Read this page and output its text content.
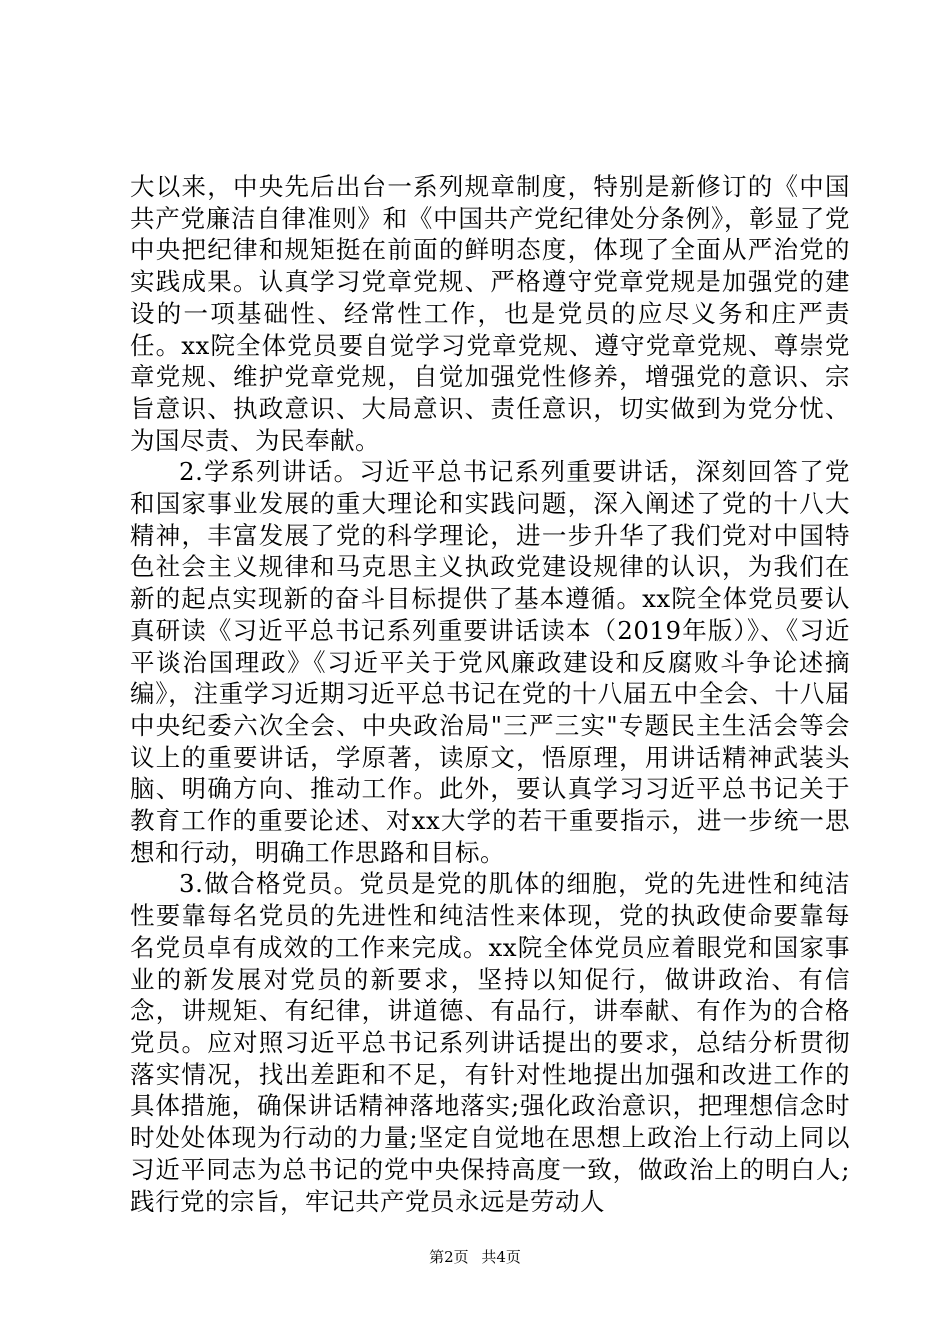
大以来，中央先后出台一系列规章制度，特别是新修订的《中国共产党廉洁自律准则》和《中国共产党纪律处分条例》，彰显了党中央把纪律和规矩挺在前面的鲜明态度，体现了全面从严治党的实践成果。认真学习党章党规、严格遵守党章党规是加强党的建设的一项基础性、经常性工作，也是党员的应尽义务和庄严责任。xx院全体党员要自觉学习党章党规、遵守党章党规、尊崇党章党规、维护党章党规，自觉加强党性修养，增强党的意识、宗旨意识、执政意识、大局意识、责任意识，切实做到为党分忧、为国尽责、为民奉献。

2.学系列讲话。习近平总书记系列重要讲话，深刻回答了党和国家事业发展的重大理论和实践问题，深入阐述了党的十八大精神，丰富发展了党的科学理论，进一步升华了我们党对中国特色社会主义规律和马克思主义执政党建设规律的认识，为我们在新的起点实现新的奋斗目标提供了基本遵循。xx院全体党员要认真研读《习近平总书记系列重要讲话读本（2019年版）》、《习近平谈治国理政》《习近平关于党风廉政建设和反腐败斗争论述摘编》，注重学习近期习近平总书记在党的十八届五中全会、十八届中央纪委六次全会、中央政治局"三严三实"专题民主生活会等会议上的重要讲话，学原著，读原文，悟原理，用讲话精神武装头脑、明确方向、推动工作。此外，要认真学习习近平总书记关于教育工作的重要论述、对xx大学的若干重要指示，进一步统一思想和行动，明确工作思路和目标。

3.做合格党员。党员是党的肌体的细胞，党的先进性和纯洁性要靠每名党员的先进性和纯洁性来体现，党的执政使命要靠每名党员卓有成效的工作来完成。xx院全体党员应着眼党和国家事业的新发展对党员的新要求，坚持以知促行，做讲政治、有信念，讲规矩、有纪律，讲道德、有品行，讲奉献、有作为的合格党员。应对照习近平总书记系列讲话提出的要求，总结分析贯彻落实情况，找出差距和不足，有针对性地提出加强和改进工作的具体措施，确保讲话精神落地落实;强化政治意识，把理想信念时时处处体现为行动的力量;坚定自觉地在思想上政治上行动上同以习近平同志为总书记的党中央保持高度一致，做政治上的明白人;践行党的宗旨，牢记共产党员永远是劳动人

第2页 共4页
